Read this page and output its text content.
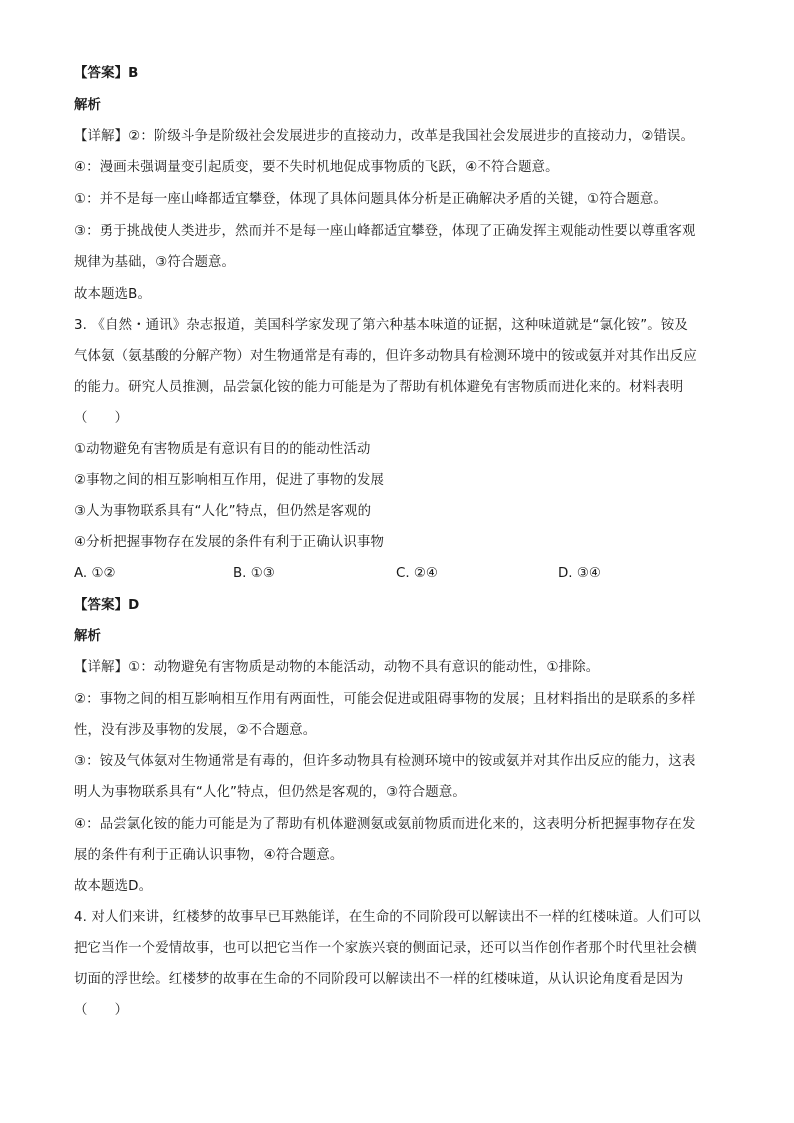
【答案】B
解析
【详解】②：阶级斗争是阶级社会发展进步的直接动力，改革是我国社会发展进步的直接动力，②错误。
④：漫画未强调量变引起质变，要不失时机地促成事物质的飞跃，④不符合题意。
①：并不是每一座山峰都适宜攀登，体现了具体问题具体分析是正确解决矛盾的关键，①符合题意。
③：勇于挑战使人类进步，然而并不是每一座山峰都适宜攀登，体现了正确发挥主观能动性要以尊重客观
规律为基础，③符合题意。
故本题选B。
3. 《自然・通讯》杂志报道，美国科学家发现了第六种基本味道的证据，这种味道就是“氯化铵”。铵及
气体氨（氨基酸的分解产物）对生物通常是有毒的，但许多动物具有检测环境中的铵或氨并对其作出反应
的能力。研究人员推测，品尝氯化铵的能力可能是为了帮助有机体避免有害物质而进化来的。材料表明
（　　）
①动物避免有害物质是有意识有目的的能动性活动
②事物之间的相互影响相互作用，促进了事物的发展
③人为事物联系具有“人化”特点，但仍然是客观的
④分析把握事物存在发展的条件有利于正确认识事物
A. ①②	B. ①③	C. ②④	D. ③④
【答案】D
解析
【详解】①：动物避免有害物质是动物的本能活动，动物不具有意识的能动性，①排除。
②：事物之间的相互影响相互作用有两面性，可能会促进或阻碍事物的发展；且材料指出的是联系的多样
性，没有涉及事物的发展，②不合题意。
③：铵及气体氨对生物通常是有毒的，但许多动物具有检测环境中的铵或氨并对其作出反应的能力，这表
明人为事物联系具有“人化”特点，但仍然是客观的，③符合题意。
④：品尝氯化铵的能力可能是为了帮助有机体避测氨或氨前物质而进化来的，这表明分析把握事物存在发
展的条件有利于正确认识事物，④符合题意。
故本题选D。
4. 对人们来讲，红楼梦的故事早已耳熟能详，在生命的不同阶段可以解读出不一样的红楼味道。人们可以
把它当作一个爱情故事，也可以把它当作一个家族兴衰的侧面记录，还可以当作创作者那个时代里社会横
切面的浮世绘。红楼梦的故事在生命的不同阶段可以解读出不一样的红楼味道，从认识论角度看是因为
（　　）
